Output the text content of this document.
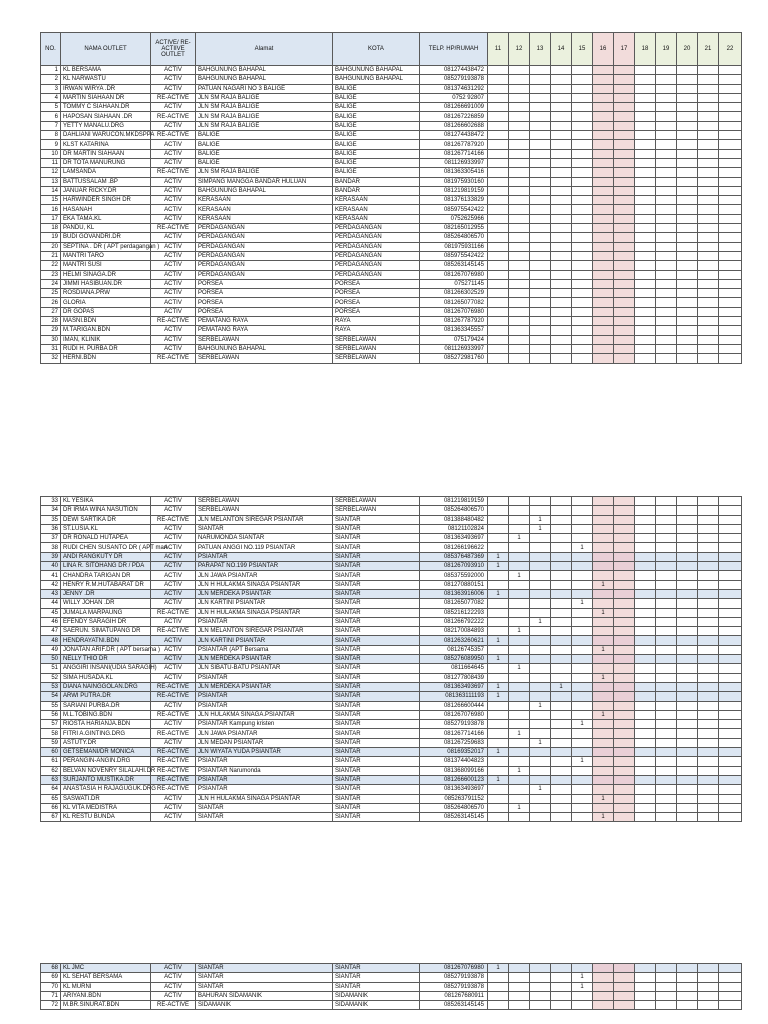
NO.	NAMA OUTLET	ACTIVE/ RE-ACTIIVE OUTLET	Alamat	KOTA	TELP. HP/RUMAH	11	12	13	14	15	16	17	18	19	20	21	22
1	KL BERSAMA	ACTIV	BAHGUNUNG BAHAPAL	BAHGUNUNG BAHAPAL	081274438472												
2	KL NARWASTU	ACTIV	BAHGUNUNG BAHAPAL	BAHGUNUNG BAHAPAL	085279193878												
3	IRWAN WIRYA .DR	ACTIV	PATUAN NAGARI NO 3 BALIGE	BALIGE	081374631292												
4	MARTIN SIAHAAN DR	RE-ACTIVE	JLN SM RAJA BALIGE	BALIGE	0752 92807												
5	TOMMY C SIAHAAN.DR	ACTIV	JLN SM RAJA BALIGE	BALIGE	081266691009												
6	HAPOSAN SIAHAAN .DR	RE-ACTIVE	JLN SM RAJA BALIGE	BALIGE	081267226859												
7	YETTY MANALU.DRG	ACTIV	JLN SM RAJA BALIGE	BALIGE	081266602688												
8	DAHLIANI WARUCON.MKDSPPA	RE-ACTIVE	BALIGE	BALIGE	081274438472												
9	KLST KATARINA	ACTIV	BALIGE	BALIGE	081267787920												
10	DR MARTIN SIAHAAN	ACTIV	BALIGE	BALIGE	081267714166												
11	DR TOTA MANURUNG	ACTIV	BALIGE	BALIGE	081126933997												
12	LAMSANDA	RE-ACTIVE	JLN SM RAJA BALIGE	BALIGE	081363305416												
13	BATTUSSALAM .BP	ACTIV	SIMPANG MANGGA BANDAR HULUAN	BANDAR	081975930160												
14	JANUAR RICKY.DR	ACTIV	BAHGUNUNG BAHAPAL	BANDAR	081219819159												
15	HARWINDER SINGH DR	ACTIV	KERASAAN	KERASAAN	081376133829												
16	HASANAH	ACTIV	KERASAAN	KERASAAN	085975542422												
17	EKA TAMA.KL	ACTIV	KERASAAN	KERASAAN	0752625966												
18	PANDU, KL	RE-ACTIVE	PERDAGANGAN	PERDAGANGAN	082165012955												
19	BUDI GOVANDRI.DR	ACTIV	PERDAGANGAN	PERDAGANGAN	085264806570												
20	SEPTINA . DR ( APT perdagangan )	ACTIV	PERDAGANGAN	PERDAGANGAN	081975931166												
21	MANTRI TARO	ACTIV	PERDAGANGAN	PERDAGANGAN	085975542422												
22	MANTRI SUSI	ACTIV	PERDAGANGAN	PERDAGANGAN	085263145145												
23	HELMI SINAGA.DR	ACTIV	PERDAGANGAN	PERDAGANGAN	081267076980												
24	JIMMI HASIBUAN.DR	ACTIV	PORSEA	PORSEA	075271145												
25	ROSDIANA.PRW	ACTIV	PORSEA	PORSEA	081266302529												
26	GLORIA	ACTIV	PORSEA	PORSEA	081265077082												
27	DR GOPAS	ACTIV	PORSEA	PORSEA	081267076980												
28	MASNI.BDN	RE-ACTIVE	PEMATANG RAYA	RAYA	081267787920												
29	M.TARIGAN.BDN	ACTIV	PEMATANG RAYA	RAYA	081363345557												
30	IMAN, KLINIK	ACTIV	SERBELAWAN	SERBELAWAN	075179424												
31	RUDI H. PURBA DR	ACTIV	BAHGUNUNG BAHAPAL	SERBELAWAN	081126933997												
32	HERNI.BDN	RE-ACTIVE	SERBELAWAN	SERBELAWAN	085272981760												
33	KL YESIKA	ACTIV	SERBELAWAN	SERBELAWAN	081219819159												
34	DR IRMA WINA NASUTION	ACTIV	SERBELAWAN	SERBELAWAN	085264806570												
35	DEWI SARTIKA DR	RE-ACTIVE	JLN MELANTON SIREGAR PSIANTAR	SIANTAR	081388480482			1									
36	ST.LUSIA.KL	ACTIV	SIANTAR	SIANTAR	08121102824			1									
37	DR RONALD HUTAPEA	ACTIV	NARUMONDA SIANTAR	SIANTAR	081363493697		1										
38	RUDI CHEN SUSANTO DR ( APT man	ACTIV	PATUAN ANGGI NO.119 PSIANTAR	SIANTAR	081266196622					1							
39	ANDI RANGKUTY DR	ACTIV	PSIANTAR	SIANTAR	085376487369	1											
40	LINA R. SITOHANG DR / PDA	ACTIV	PARAPAT NO.199 PSIANTAR	SIANTAR	081267093910	1											
41	CHANDRA TARIGAN DR	ACTIV	JLN JAWA PSIANTAR	SIANTAR	085375592000		1										
42	HENRY R.M.HUTABARAT DR	ACTIV	JLN H HULAKMA SINAGA PSIANTAR	SIANTAR	081270880151						1						
43	JENNY .DR	ACTIV	JLN MERDEKA PSIANTAR	SIANTAR	081363916006	1											
44	WILLY JOHAN .DR	ACTIV	JLN KARTINI PSIANTAR	SIANTAR	081265077082					1							
45	JUMALA MARPAUNG	RE-ACTIVE	JLN H HULAKMA SINAGA PSIANTAR	SIANTAR	085216122293						1						
46	EFENDY SARAGIH DR	ACTIV	PSIANTAR	SIANTAR	081266792222			1									
47	SAERUN. SIMATUPANG DR	RE-ACTIVE	JLN MELANTON SIREGAR PSIANTAR	SIANTAR	082170084893		1										
48	HENDRAYATNI.BDN	ACTIV	JLN KARTINI PSIANTAR	SIANTAR	081263260621	1											
49	JONATAN ARIF.DR ( APT bersama )	ACTIV	PSIANTAR (APT Bersama	SIANTAR	08126745357						1						
50	NELLY THIO DR	ACTIV	JLN MERDEKA PSIANTAR	SIANTAR	085276089950	1											
51	ANGGIRI INSANI(UDIA SARAGIH)	ACTIV	JLN SIBATU-BATU PSIANTAR	SIANTAR	0811664645		1										
52	SIMA HUSADA.KL	ACTIV	PSIANTAR	SIANTAR	081277808439						1						
53	DIANA NAINGGOLAN.DRG	RE-ACTIVE	JLN MERDEKA PSIANTAR	SIANTAR	081363493697	1			1								
54	ARWI PUTRA.DR	RE-ACTIVE	PSIANTAR	SIANTAR	081363111193	1											
55	SARIANI PURBA.DR	ACTIV	PSIANTAR	SIANTAR	081266600444			1									
56	M.L.TOBING.BDN	RE-ACTIVE	JLN HULAKMA SINAGA.PSIANTAR	SIANTAR	081267076980						1						
57	RIOSTA HARIANJA.BDN	ACTIV	PSIANTAR Kampung kristen	SIANTAR	085279193878					1							
58	FITRI A.GINTING.DRG	RE-ACTIVE	JLN JAWA PSIANTAR	SIANTAR	081267714166		1										
59	ASTUTY.DR	ACTIV	JLN MEDAN PSIANTAR	SIANTAR	081267259683			1									
60	GETSEMANI/DR MONICA	RE-ACTIVE	JLN WIYATA YUDA PSIANTAR	SIANTAR	08169352017	1											
61	PERANGIN-ANGIN.DRG	RE-ACTIVE	PSIANTAR	SIANTAR	081374404823					1							
62	BELVAN NOVENRY SILALAHI.DR	RE-ACTIVE	PSIANTAR Narumonda	SIANTAR	081368099166		1										
63	SURJANTO MUSTIKA.DR	RE-ACTIVE	PSIANTAR	SIANTAR	081266600123	1											
64	ANASTASIA H RAJAGUGUK.DRG	RE-ACTIVE	PSIANTAR	SIANTAR	081363493697			1									
65	SASWATI.DR	ACTIV	JLN H HULAKMA SINAGA PSIANTAR	SIANTAR	085263791152						1						
66	KL VITA MEDISTRA	ACTIV	SIANTAR	SIANTAR	085264806570		1										
67	KL RESTU BUNDA	ACTIV	SIANTAR	SIANTAR	085263145145						1						
68	KL JMC	ACTIV	SIANTAR	SIANTAR	081267076980	1											
69	KL SEHAT BERSAMA	ACTIV	SIANTAR	SIANTAR	085279193878					1							
70	KL MURNI	ACTIV	SIANTAR	SIANTAR	085279193878					1							
71	ARIYANI.BDN	ACTIV	BAHURAN SIDAMANIK	SIDAMANIK	081267680911												
72	M.BR.SINURAT.BDN	RE-ACTIVE	SIDAMANIK	SIDAMANIK	085263145145												
